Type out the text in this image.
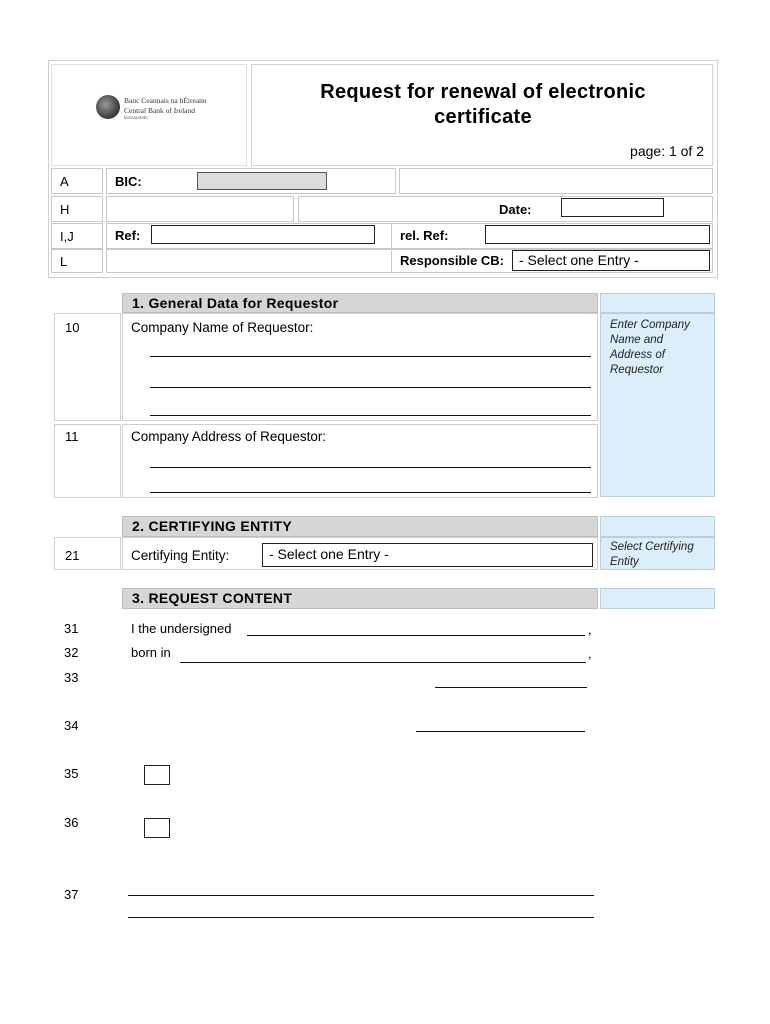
Banc Ceannais na hÉireann
Central Bank of Ireland
Eurosystem
Request for renewal of electronic
certificate
page: 1 of 2
A	BIC:
H	Date:
I,J	Ref:	rel. Ref:
L	Responsible CB:	- Select one Entry -
1. General Data for Requestor
10	Company Name of Requestor:
11	Company Address of Requestor:
Enter Company Name and Address of Requestor
2. CERTIFYING ENTITY
21	Certifying Entity:	- Select one Entry -	Select Certifying Entity
3. REQUEST CONTENT
31	I the undersigned	,
32	born in	,
33
34
35
36
37
